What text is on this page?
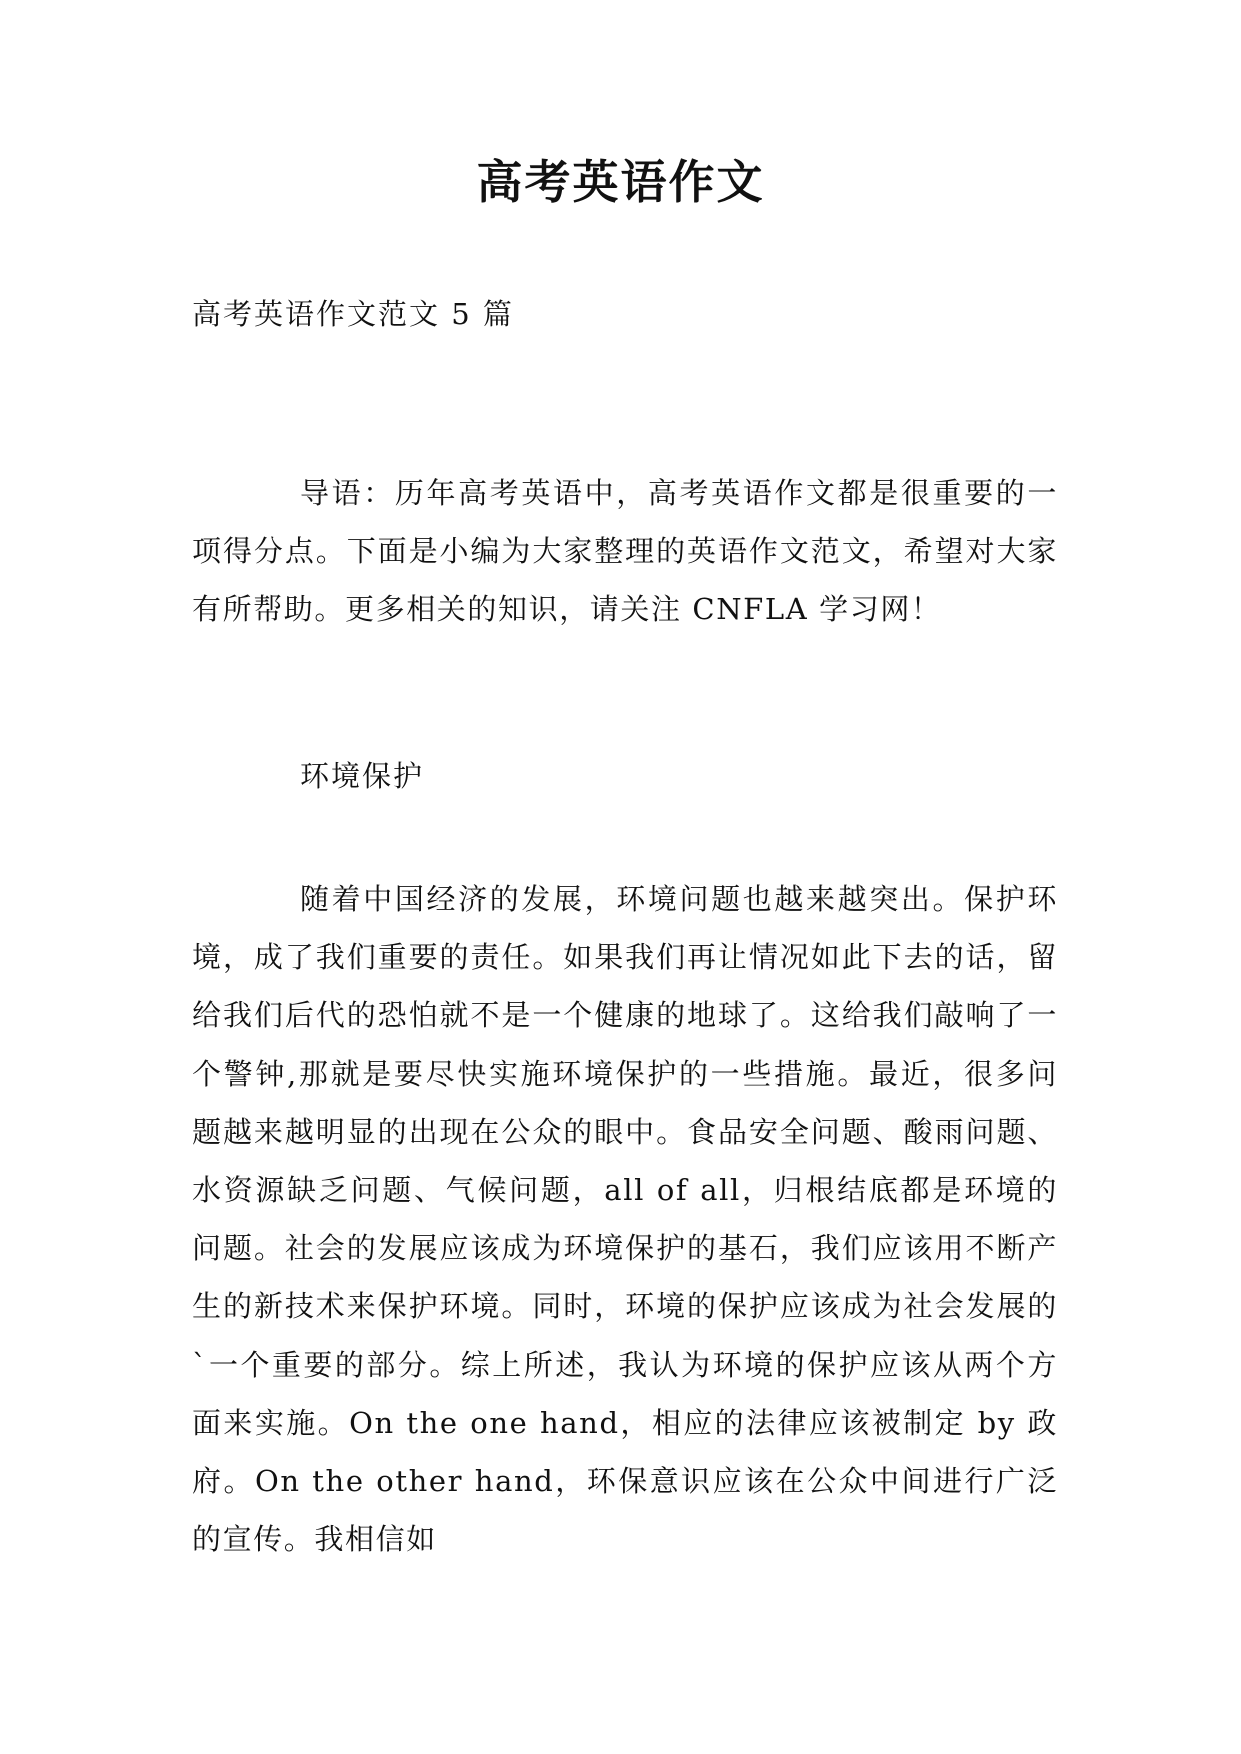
高考英语作文

高考英语作文范文 5 篇

导语：历年高考英语中，高考英语作文都是很重要的一项得分点。下面是小编为大家整理的英语作文范文，希望对大家有所帮助。更多相关的知识，请关注 CNFLA 学习网！

环境保护

随着中国经济的发展，环境问题也越来越突出。保护环境，成了我们重要的责任。如果我们再让情况如此下去的话，留给我们后代的恐怕就不是一个健康的地球了。这给我们敲响了一个警钟,那就是要尽快实施环境保护的一些措施。最近，很多问题越来越明显的出现在公众的眼中。食品安全问题、酸雨问题、水资源缺乏问题、气候问题，all of all，归根结底都是环境的问题。社会的发展应该成为环境保护的基石，我们应该用不断产生的新技术来保护环境。同时，环境的保护应该成为社会发展的`一个重要的部分。综上所述，我认为环境的保护应该从两个方面来实施。On the one hand，相应的法律应该被制定 by 政府。On the other hand，环保意识应该在公众中间进行广泛的宣传。我相信如
